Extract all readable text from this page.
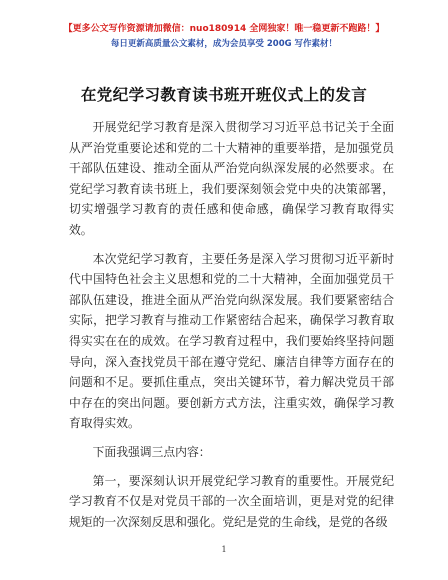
【更多公文写作资源请加微信：nuo180914 全网独家！唯一稳更新不跑路！】
每日更新高质量公文素材，成为会员享受 200G 写作素材！
在党纪学习教育读书班开班仪式上的发言

开展党纪学习教育是深入贯彻学习习近平总书记关于全面从严治党重要论述和党的二十大精神的重要举措，是加强党员干部队伍建设、推动全面从严治党向纵深发展的必然要求。在党纪学习教育读书班上，我们要深刻领会党中央的决策部署，切实增强学习教育的责任感和使命感，确保学习教育取得实效。

本次党纪学习教育，主要任务是深入学习贯彻习近平新时代中国特色社会主义思想和党的二十大精神，全面加强党员干部队伍建设，推进全面从严治党向纵深发展。我们要紧密结合实际，把学习教育与推动工作紧密结合起来，确保学习教育取得实实在在的成效。在学习教育过程中，我们要始终坚持问题导向，深入查找党员干部在遵守党纪、廉洁自律等方面存在的问题和不足。要抓住重点，突出关键环节，着力解决党员干部中存在的突出问题。要创新方式方法，注重实效，确保学习教育取得实效。

下面我强调三点内容：

第一，要深刻认识开展党纪学习教育的重要性。开展党纪学习教育不仅是对党员干部的一次全面培训，更是对党的纪律规矩的一次深刻反思和强化。党纪是党的生命线，是党的各级

1
